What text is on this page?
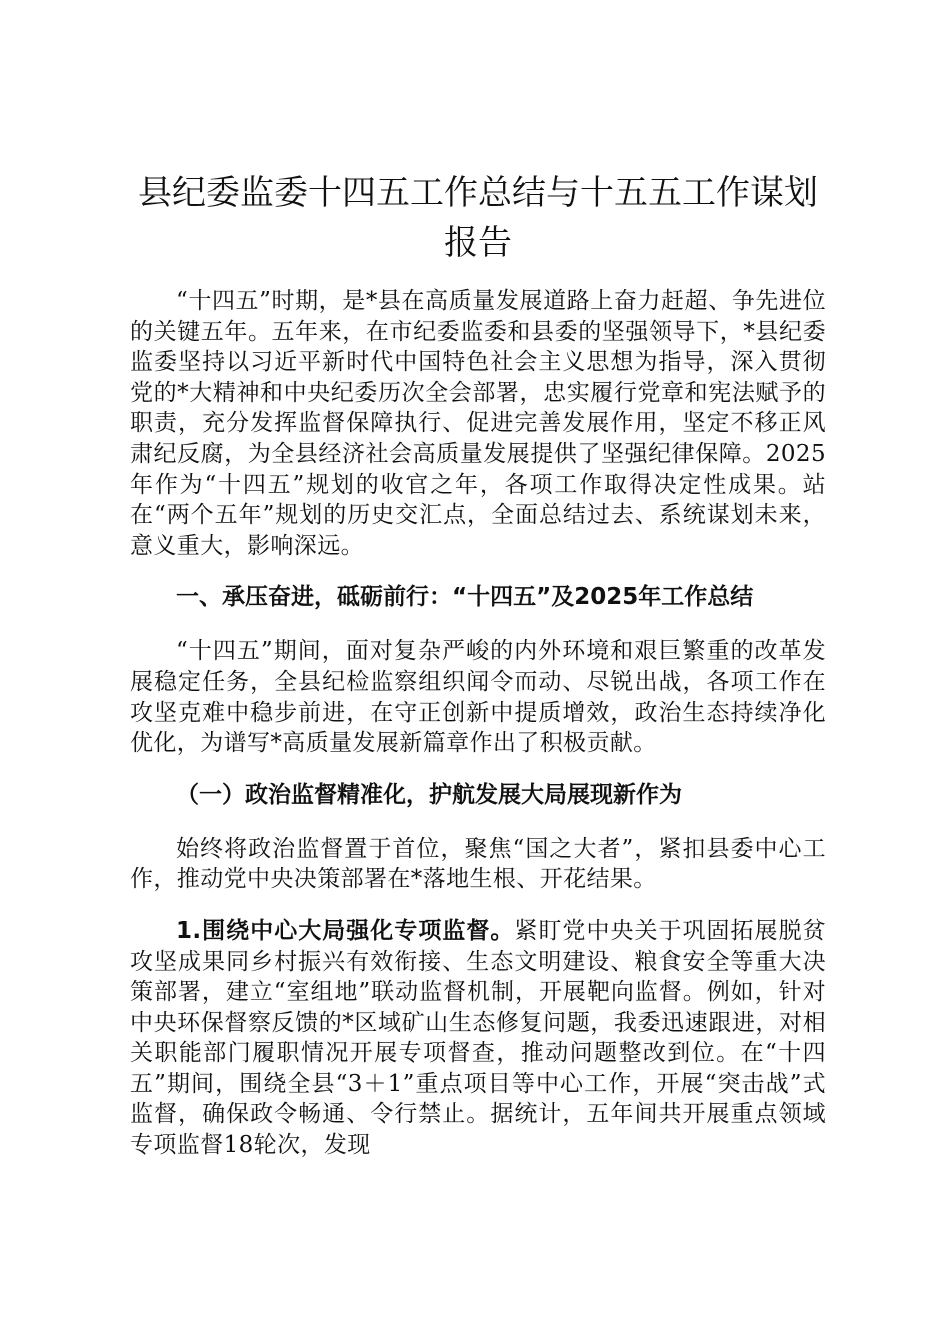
县纪委监委十四五工作总结与十五五工作谋划
报告

“十四五”时期，是*县在高质量发展道路上奋力赶超、争先进位的关键五年。五年来，在市纪委监委和县委的坚强领导下，*县纪委监委坚持以习近平新时代中国特色社会主义思想为指导，深入贯彻党的*大精神和中央纪委历次全会部署，忠实履行党章和宪法赋予的职责，充分发挥监督保障执行、促进完善发展作用，坚定不移正风肃纪反腐，为全县经济社会高质量发展提供了坚强纪律保障。2025年作为“十四五”规划的收官之年，各项工作取得决定性成果。站在“两个五年”规划的历史交汇点，全面总结过去、系统谋划未来，意义重大，影响深远。

一、承压奋进，砥砺前行：“十四五”及2025年工作总结

“十四五”期间，面对复杂严峻的内外环境和艰巨繁重的改革发展稳定任务，全县纪检监察组织闻令而动、尽锐出战，各项工作在攻坚克难中稳步前进，在守正创新中提质增效，政治生态持续净化优化，为谱写*高质量发展新篇章作出了积极贡献。

（一）政治监督精准化，护航发展大局展现新作为

始终将政治监督置于首位，聚焦“国之大者”，紧扣县委中心工作，推动党中央决策部署在*落地生根、开花结果。

1.围绕中心大局强化专项监督。紧盯党中央关于巩固拓展脱贫攻坚成果同乡村振兴有效衔接、生态文明建设、粮食安全等重大决策部署，建立“室组地”联动监督机制，开展靶向监督。例如，针对中央环保督察反馈的*区域矿山生态修复问题，我委迅速跟进，对相关职能部门履职情况开展专项督查，推动问题整改到位。在“十四五”期间，围绕全县“3＋1”重点项目等中心工作，开展“突击战”式监督，确保政令畅通、令行禁止。据统计，五年间共开展重点领域专项监督18轮次，发现
